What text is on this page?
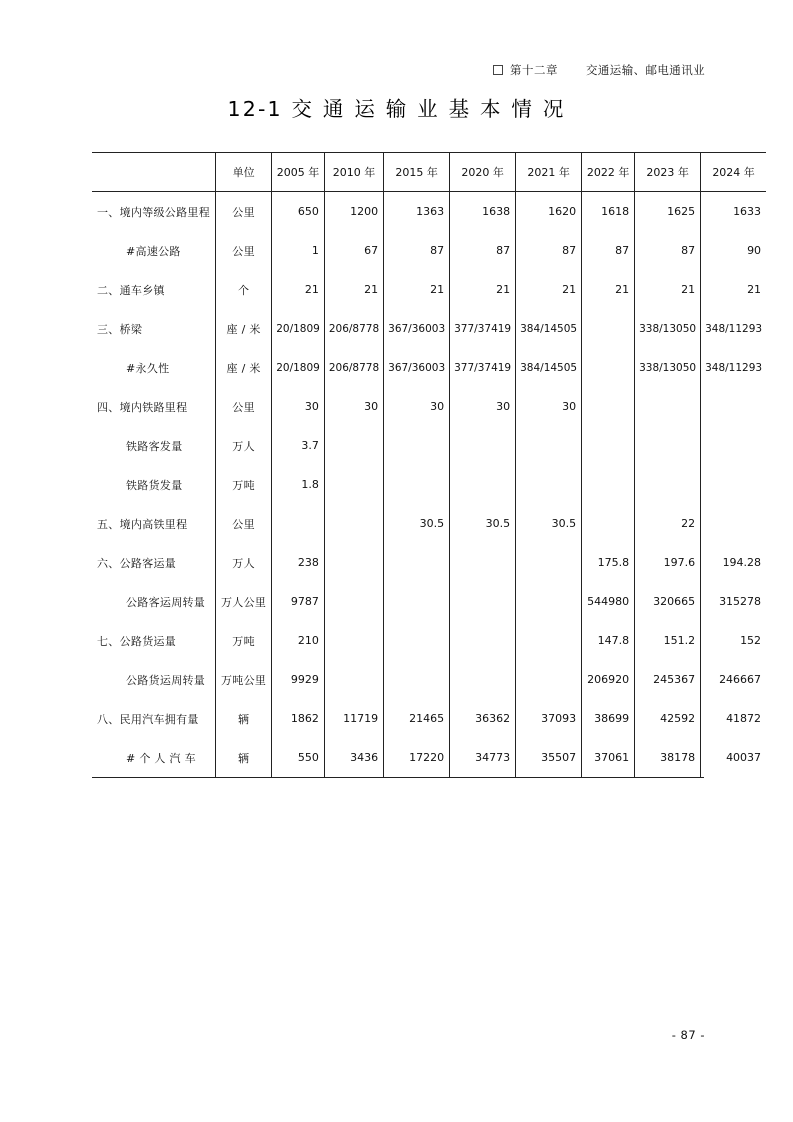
第十二章 交通运输、邮电通讯业
12-1 交 通 运 输 业 基 本 情 况
	单位	2005 年	2010 年	2015 年	2020 年	2021 年	2022 年	2023 年	2024 年
一、境内等级公路里程	公里	650	1200	1363	1638	1620	1618	1625	1633
#高速公路	公里	1	67	87	87	87	87	87	90
二、通车乡镇	个	21	21	21	21	21	21	21	21
三、桥梁	座 / 米	20/1809	206/8778	367/36003	377/37419	384/14505		338/13050	348/11293
#永久性	座 / 米	20/1809	206/8778	367/36003	377/37419	384/14505		338/13050	348/11293
四、境内铁路里程	公里	30	30	30	30	30			
铁路客发量	万人	3.7							
铁路货发量	万吨	1.8							
五、境内高铁里程	公里			30.5	30.5	30.5		22	
六、公路客运量	万人	238					175.8	197.6	194.28
公路客运周转量	万人公里	9787					544980	320665	315278
七、公路货运量	万吨	210					147.8	151.2	152
公路货运周转量	万吨公里	9929					206920	245367	246667
八、民用汽车拥有量	辆	1862	11719	21465	36362	37093	38699	42592	41872
# 个 人 汽 车	辆	550	3436	17220	34773	35507	37061	38178	40037
- 87 -
